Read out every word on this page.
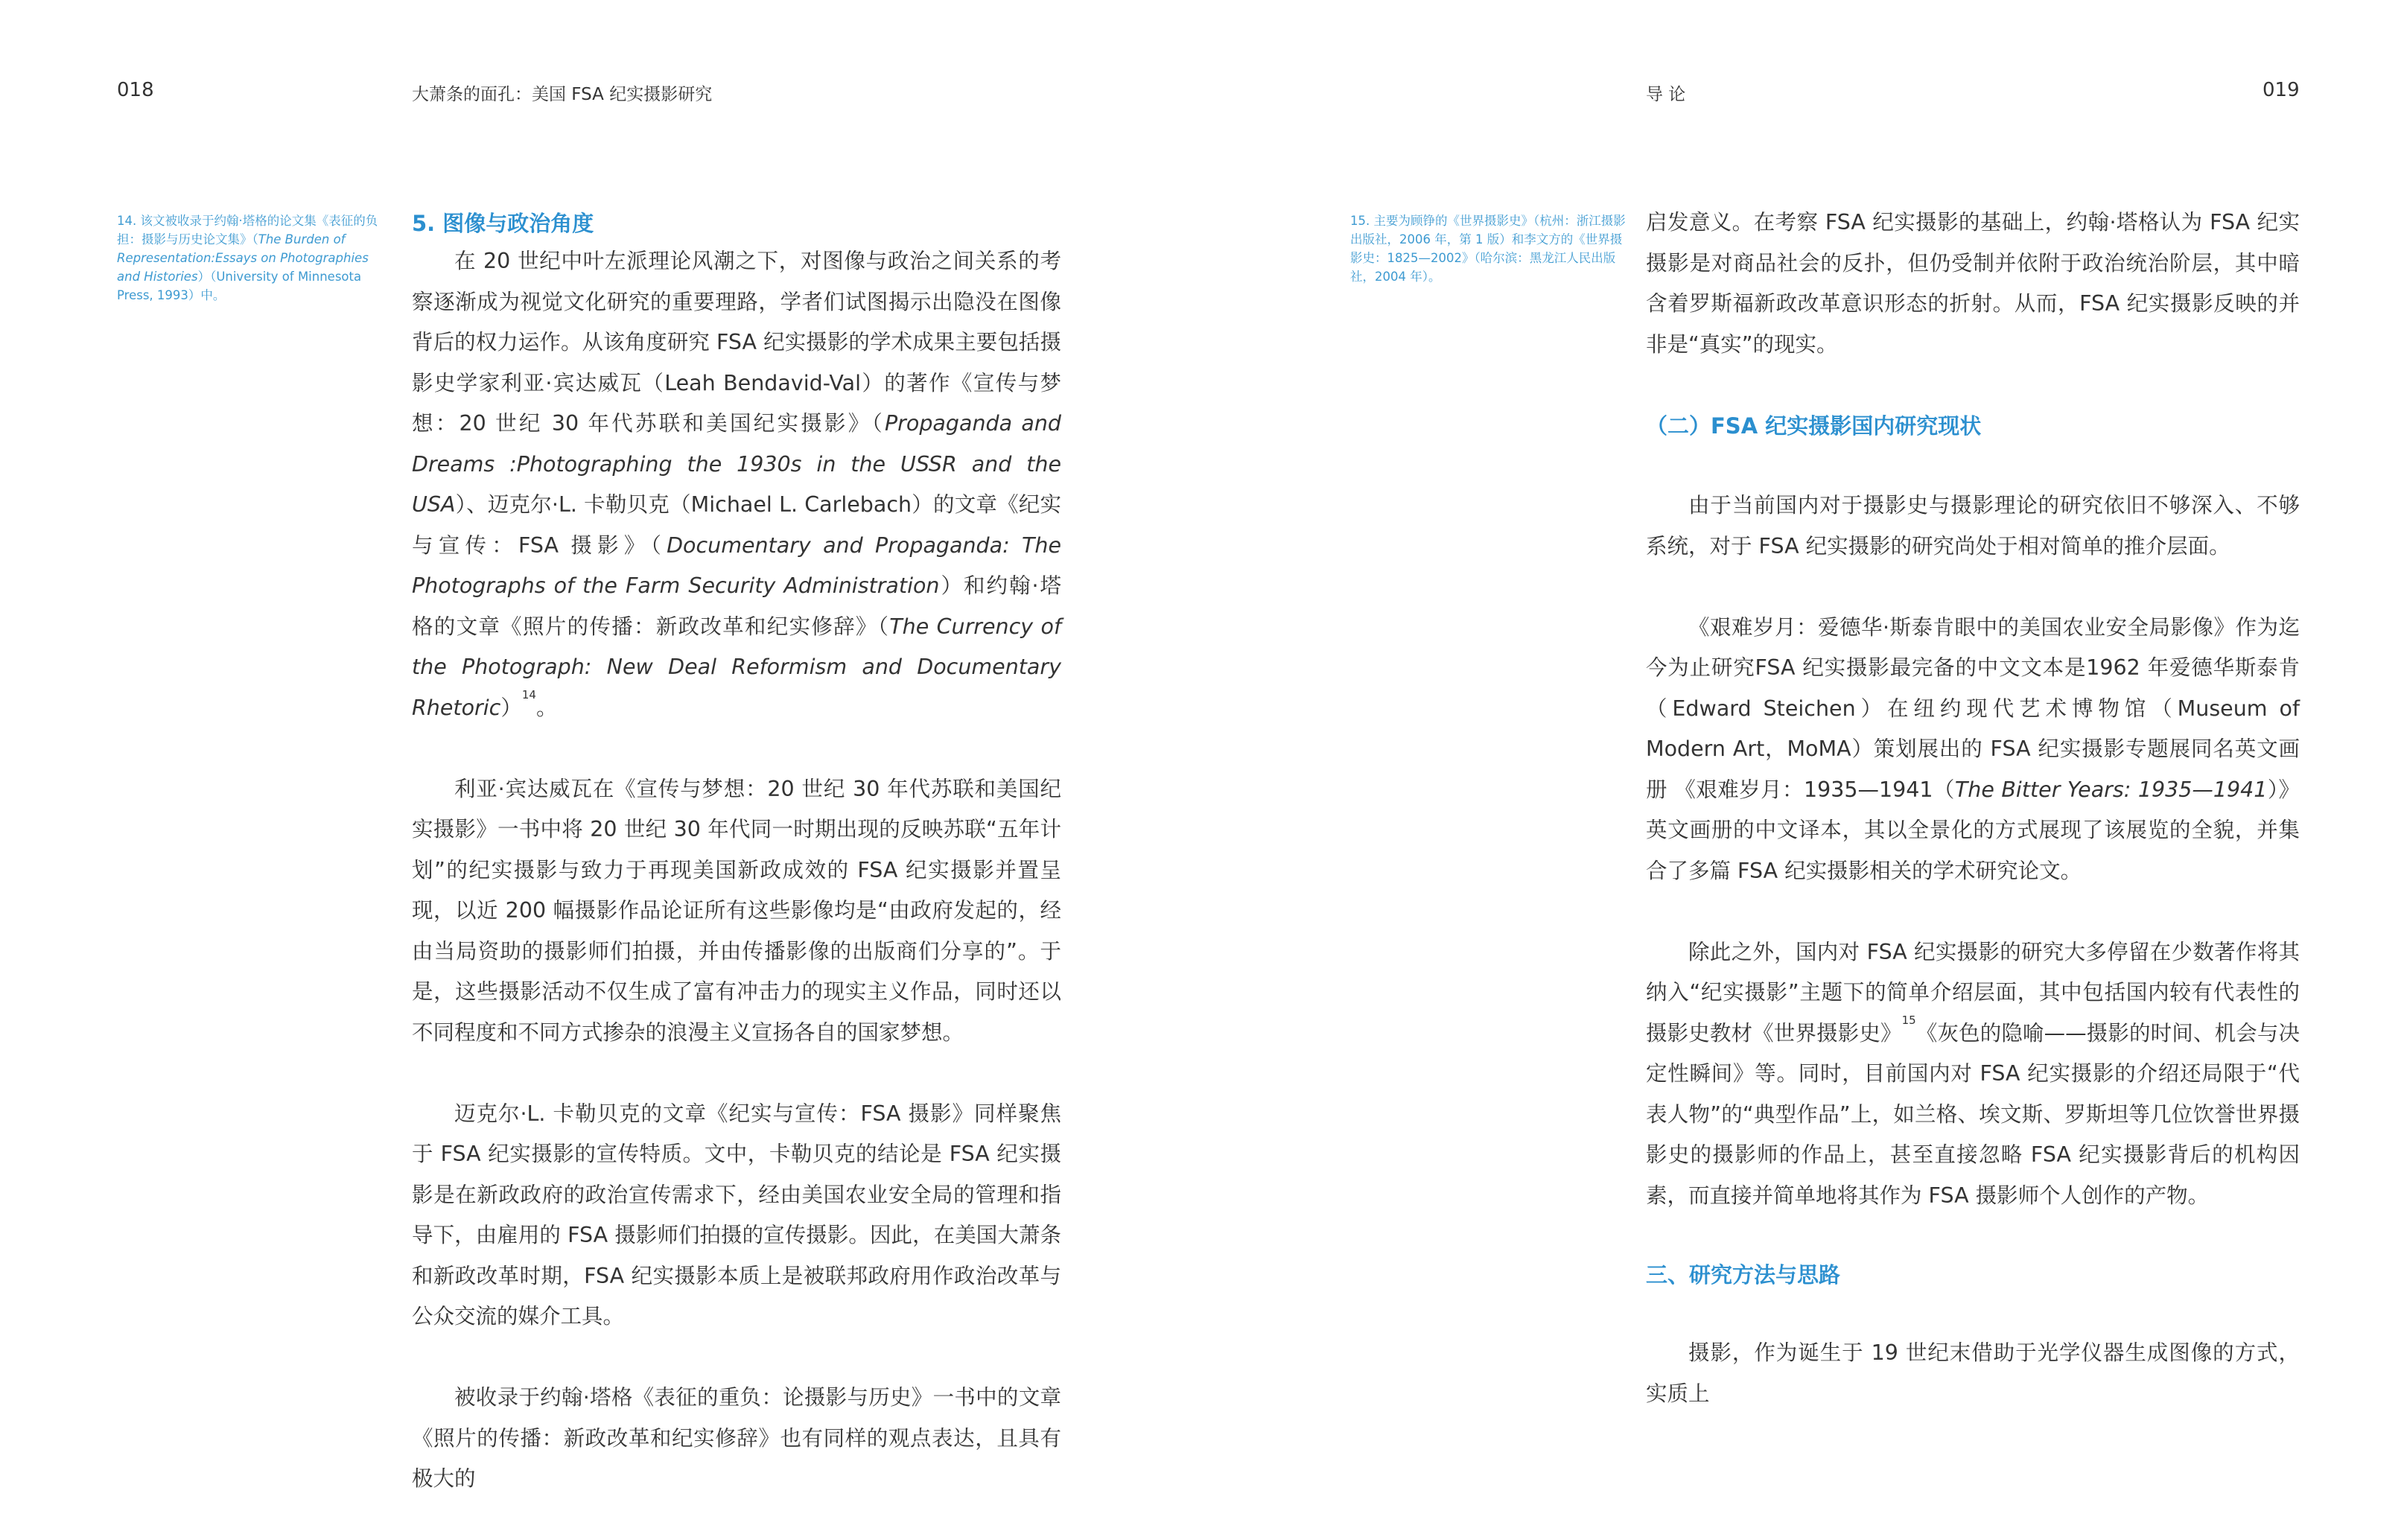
018	大萧条的面孔：美国 FSA 纪实摄影研究
14. 该文被收录于约翰·塔格的论文集《表征的负担：摄影与历史论文集》（The Burden of Representation:Essays on Photographies and Histories）（University of Minnesota Press, 1993）中。
5. 图像与政治角度

在 20 世纪中叶左派理论风潮之下，对图像与政治之间关系的考察逐渐成为视觉文化研究的重要理路，学者们试图揭示出隐没在图像背后的权力运作。从该角度研究 FSA 纪实摄影的学术成果主要包括摄影史学家利亚·宾达威瓦（Leah Bendavid-Val）的著作《宣传与梦想：20 世纪 30 年代苏联和美国纪实摄影》（Propaganda and Dreams :Photographing the 1930s in the USSR and the USA）、迈克尔·L. 卡勒贝克（Michael L. Carlebach）的文章《纪实与宣传：FSA 摄影》（Documentary and Propaganda: The Photographs of the Farm Security Administration）和约翰·塔格的文章《照片的传播：新政改革和纪实修辞》（The Currency of the Photograph: New Deal Reformism and Documentary Rhetoric）$^{14}$。

利亚·宾达威瓦在《宣传与梦想：20 世纪 30 年代苏联和美国纪实摄影》一书中将 20 世纪 30 年代同一时期出现的反映苏联“五年计划”的纪实摄影与致力于再现美国新政成效的 FSA 纪实摄影并置呈现，以近 200 幅摄影作品论证所有这些影像均是“由政府发起的，经由当局资助的摄影师们拍摄，并由传播影像的出版商们分享的”。于是，这些摄影活动不仅生成了富有冲击力的现实主义作品，同时还以不同程度和不同方式掺杂的浪漫主义宣扬各自的国家梦想。

迈克尔·L. 卡勒贝克的文章《纪实与宣传：FSA 摄影》同样聚焦于 FSA 纪实摄影的宣传特质。文中，卡勒贝克的结论是 FSA 纪实摄影是在新政政府的政治宣传需求下，经由美国农业安全局的管理和指导下，由雇用的 FSA 摄影师们拍摄的宣传摄影。因此，在美国大萧条和新政改革时期，FSA 纪实摄影本质上是被联邦政府用作政治改革与公众交流的媒介工具。

被收录于约翰·塔格《表征的重负：论摄影与历史》一书中的文章《照片的传播：新政改革和纪实修辞》也有同样的观点表达，且具有极大的

导 论	019
15. 主要为顾铮的《世界摄影史》（杭州：浙江摄影出版社，2006 年，第 1 版）和李文方的《世界摄影史：1825—2002》（哈尔滨：黑龙江人民出版社，2004 年）。

启发意义。在考察 FSA 纪实摄影的基础上，约翰·塔格认为 FSA 纪实摄影是对商品社会的反扑，但仍受制并依附于政治统治阶层，其中暗含着罗斯福新政改革意识形态的折射。从而，FSA 纪实摄影反映的并非是“真实”的现实。

（二）FSA 纪实摄影国内研究现状

由于当前国内对于摄影史与摄影理论的研究依旧不够深入、不够系统，对于 FSA 纪实摄影的研究尚处于相对简单的推介层面。

《艰难岁月：爱德华·斯泰肯眼中的美国农业安全局影像》作为迄今为止研究FSA 纪实摄影最完备的中文文本是1962 年爱德华斯泰肯（Edward Steichen）在纽约现代艺术博物馆（Museum of Modern Art，MoMA）策划展出的 FSA 纪实摄影专题展同名英文画册 《艰难岁月：1935—1941（The Bitter Years: 1935—1941）》英文画册的中文译本，其以全景化的方式展现了该展览的全貌，并集合了多篇 FSA 纪实摄影相关的学术研究论文。

除此之外，国内对 FSA 纪实摄影的研究大多停留在少数著作将其纳入“纪实摄影”主题下的简单介绍层面，其中包括国内较有代表性的摄影史教材《世界摄影史》$^{15}$《灰色的隐喻——摄影的时间、机会与决定性瞬间》等。同时，目前国内对 FSA 纪实摄影的介绍还局限于“代表人物”的“典型作品”上，如兰格、埃文斯、罗斯坦等几位饮誉世界摄影史的摄影师的作品上，甚至直接忽略 FSA 纪实摄影背后的机构因素，而直接并简单地将其作为 FSA 摄影师个人创作的产物。

三、研究方法与思路

摄影，作为诞生于 19 世纪末借助于光学仪器生成图像的方式，实质上
